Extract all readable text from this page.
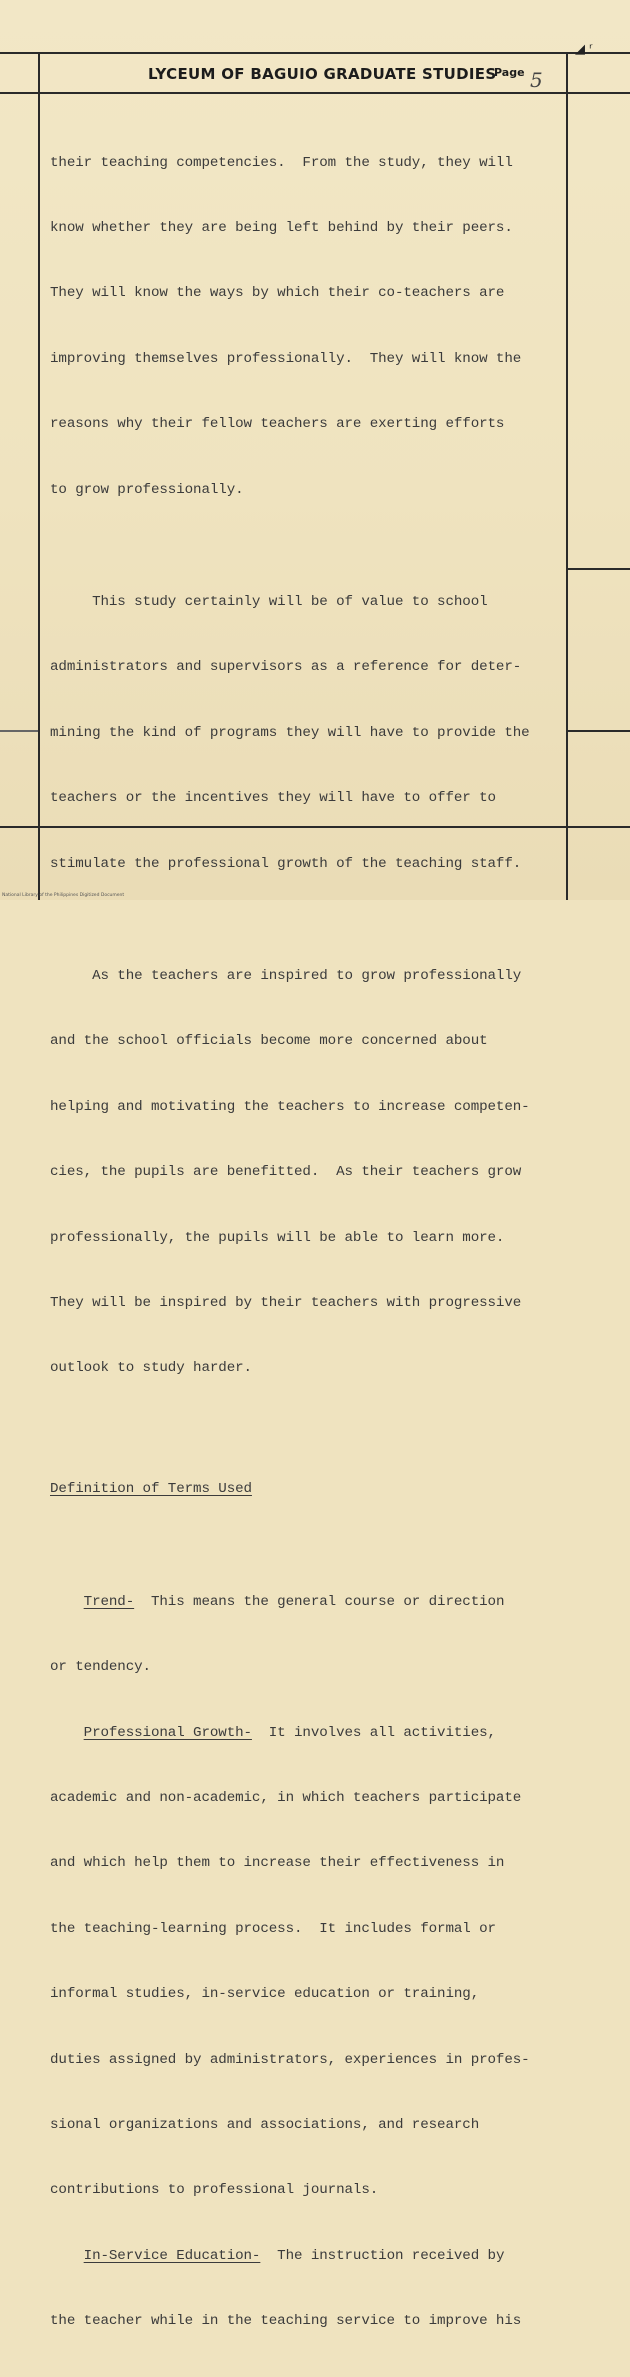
◢ ʳ
LYCEUM OF BAGUIO GRADUATE STUDIES
Page 5

their teaching competencies.  From the study, they will

know whether they are being left behind by their peers.

They will know the ways by which their co-teachers are

improving themselves professionally.  They will know the

reasons why their fellow teachers are exerting efforts

to grow professionally.

This study certainly will be of value to school

administrators and supervisors as a reference for deter-

mining the kind of programs they will have to provide the

teachers or the incentives they will have to offer to

stimulate the professional growth of the teaching staff.

As the teachers are inspired to grow professionally

and the school officials become more concerned about

helping and motivating the teachers to increase competen-

cies, the pupils are benefitted.  As their teachers grow

professionally, the pupils will be able to learn more.

They will be inspired by their teachers with progressive

outlook to study harder.

Definition of Terms Used

Trend-  This means the general course or direction

or tendency.

Professional Growth-  It involves all activities,

academic and non-academic, in which teachers participate

and which help them to increase their effectiveness in

the teaching-learning process.  It includes formal or

informal studies, in-service education or training,

duties assigned by administrators, experiences in profes-

sional organizations and associations, and research

contributions to professional journals.

In-Service Education-  The instruction received by

the teacher while in the teaching service to improve his

National Library of the Philippines Digitized Document
